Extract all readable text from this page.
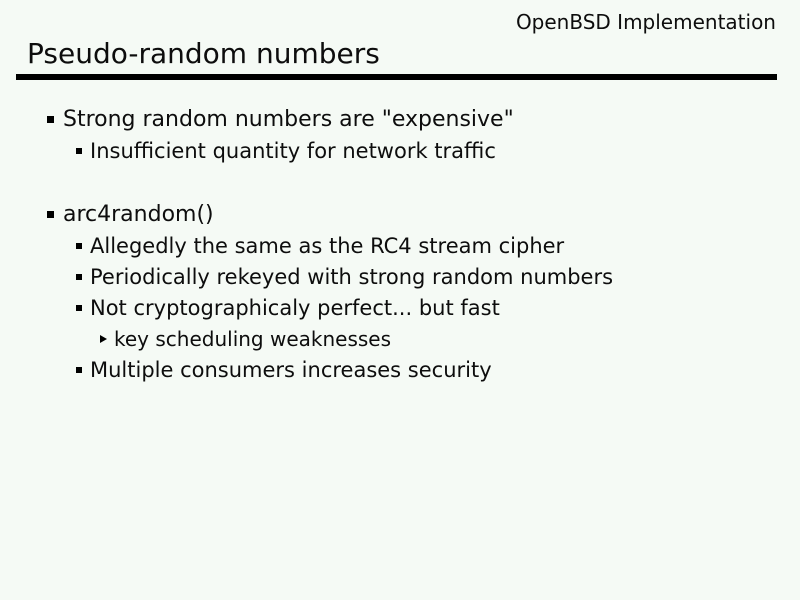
OpenBSD Implementation
Pseudo-random numbers
Strong random numbers are "expensive"
Insufficient quantity for network traffic
arc4random()
Allegedly the same as the RC4 stream cipher
Periodically rekeyed with strong random numbers
Not cryptographicaly perfect... but fast
key scheduling weaknesses
Multiple consumers increases security
